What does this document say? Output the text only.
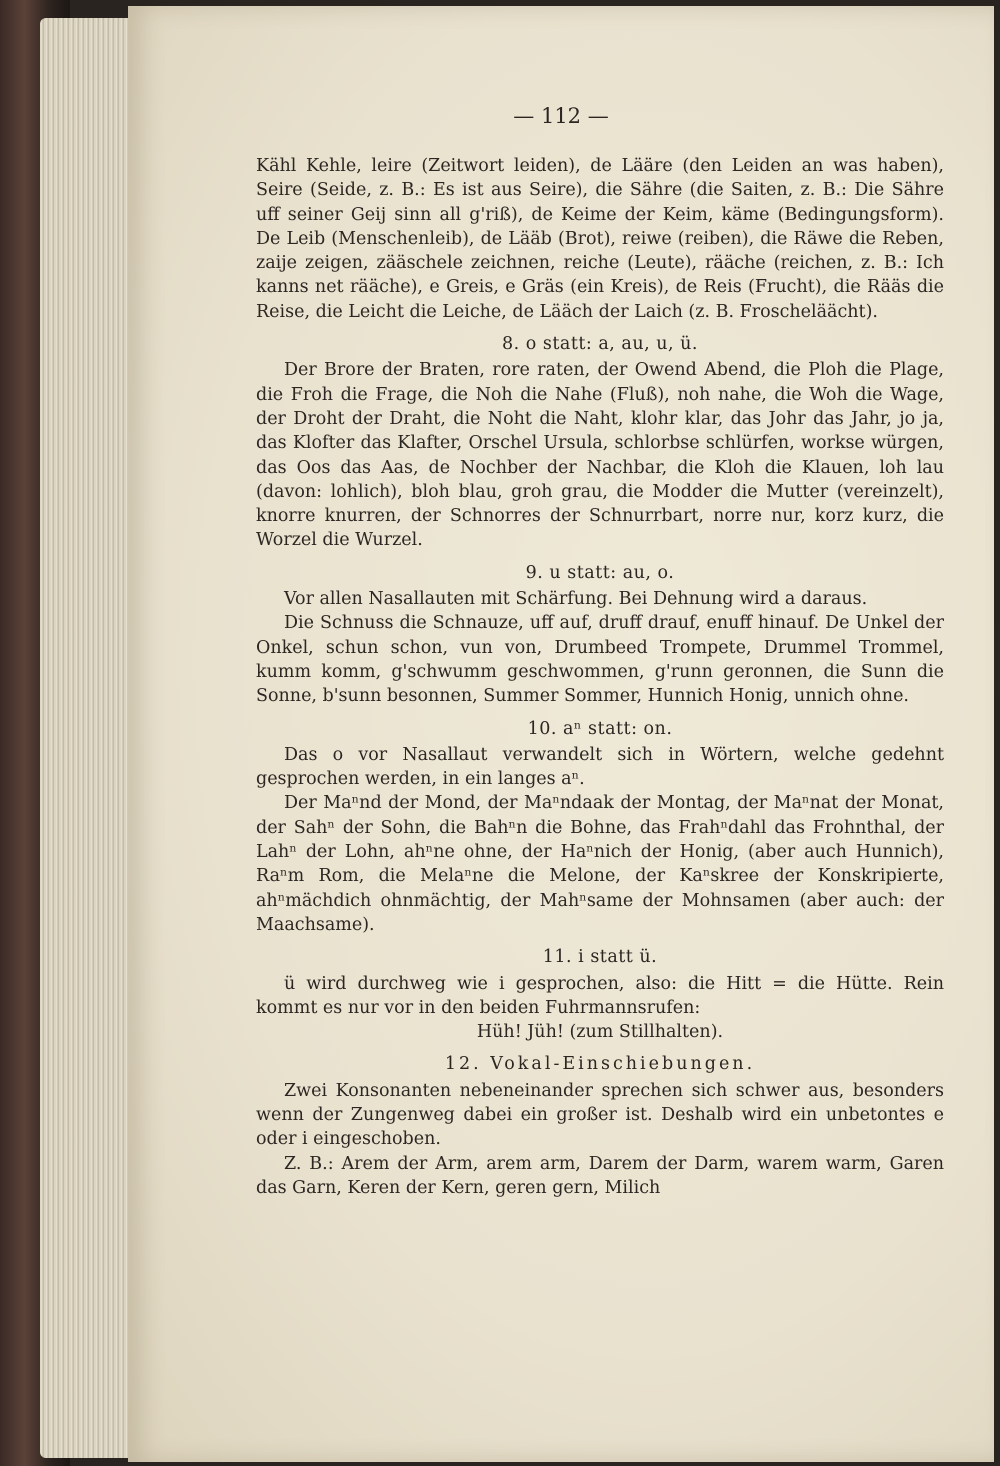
— 112 —

Kähl Kehle, leire (Zeitwort leiden), de Lääre (den Leiden an was haben), Seire (Seide, z. B.: Es ist aus Seire), die Sähre (die Saiten, z. B.: Die Sähre uff seiner Geij sinn all g'riß), de Keime der Keim, käme (Bedingungsform). De Leib (Menschenleib), de Lääb (Brot), reiwe (reiben), die Räwe die Reben, zaije zeigen, zääschele zeichnen, reiche (Leute), rääche (reichen, z. B.: Ich kanns net räächе), e Greis, e Gräs (ein Kreis), de Reis (Frucht), die Rääs die Reise, die Leicht die Leiche, de Lääch der Laich (z. B. Froscheläächt).

8. o statt: a, au, u, ü.

Der Brore der Braten, rore raten, der Owend Abend, die Ploh die Plage, die Froh die Frage, die Noh die Nahe (Fluß), noh nahe, die Woh die Wage, der Droht der Draht, die Noht die Naht, klohr klar, das Johr das Jahr, jo ja, das Klofter das Klafter, Orschel Ursula, schlorbse schlürfen, workse würgen, das Oos das Aas, de Nochber der Nachbar, die Kloh die Klauen, loh lau (davon: lohlich), bloh blau, groh grau, die Modder die Mutter (vereinzelt), knorre knurren, der Schnorres der Schnurrbart, norre nur, korz kurz, die Worzel die Wurzel.

9. u statt: au, o.

Vor allen Nasallauten mit Schärfung. Bei Dehnung wird a daraus.

Die Schnuss die Schnauze, uff auf, druff drauf, enuff hinauf. De Unkel der Onkel, schun schon, vun von, Drumbeed Trompete, Drummel Trommel, kumm komm, g'schwumm geschwommen, g'runn geronnen, die Sunn die Sonne, b'sunn besonnen, Summer Sommer, Hunnich Honig, unnich ohne.

10. aⁿ statt: on.

Das o vor Nasallaut verwandelt sich in Wörtern, welche gedehnt gesprochen werden, in ein langes aⁿ.

Der Maⁿnd der Mond, der Maⁿndaak der Montag, der Maⁿnat der Monat, der Sahⁿ der Sohn, die Bahⁿn die Bohne, das Frahⁿdahl das Frohnthal, der Lahⁿ der Lohn, ahⁿne ohne, der Haⁿnich der Honig, (aber auch Hunnich), Raⁿm Rom, die Melaⁿne die Melone, der Kaⁿskree der Konskripierte, ahⁿmächdich ohnmächtig, der Mahⁿsame der Mohnsamen (aber auch: der Maachsame).

11. i statt ü.

ü wird durchweg wie i gesprochen, also: die Hitt = die Hütte. Rein kommt es nur vor in den beiden Fuhrmannsrufen:

Hüh! Jüh! (zum Stillhalten).

12. Vokal-Einschiebungen.

Zwei Konsonanten nebeneinander sprechen sich schwer aus, besonders wenn der Zungenweg dabei ein großer ist. Deshalb wird ein unbetontes e oder i eingeschoben.

Z. B.: Arem der Arm, arem arm, Darem der Darm, warem warm, Garen das Garn, Keren der Kern, geren gern, Milich
